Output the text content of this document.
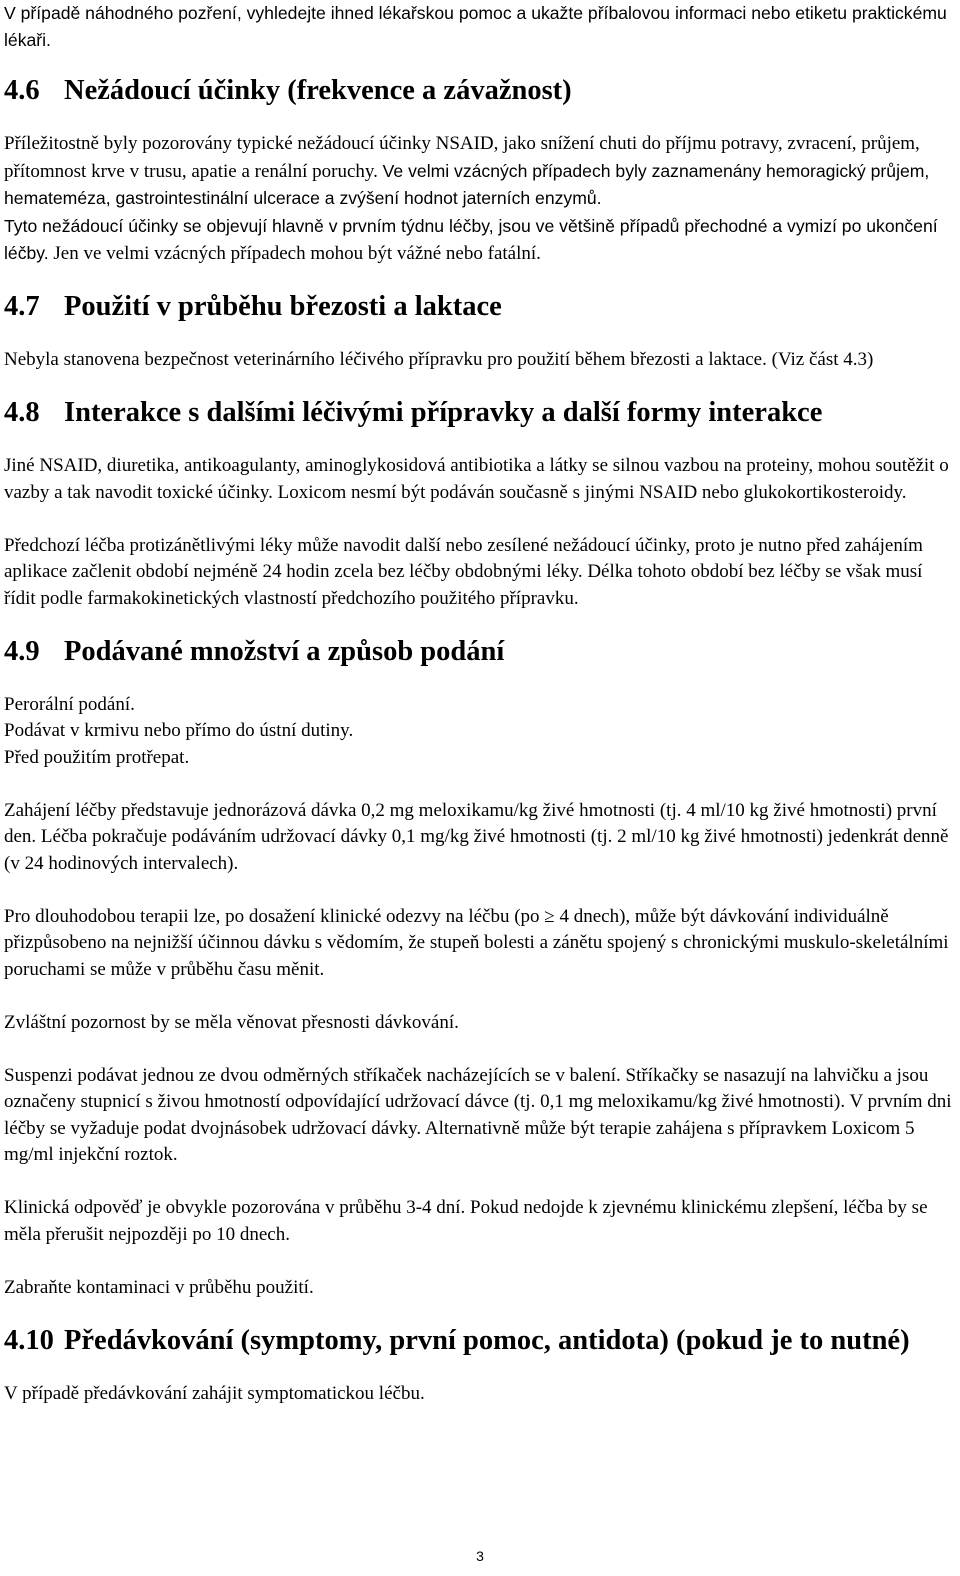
V případě náhodného pozření, vyhledejte ihned lékařskou pomoc a ukažte příbalovou informaci nebo etiketu praktickému lékaři.

4.6 Nežádoucí účinky (frekvence a závažnost)

Příležitostně byly pozorovány typické nežádoucí účinky NSAID, jako snížení chuti do příjmu potravy, zvracení, průjem, přítomnost krve v trusu, apatie a renální poruchy. Ve velmi vzácných případech byly zaznamenány hemoragický průjem, hemateméza, gastrointestinální ulcerace a zvýšení hodnot jaterních enzymů.

Tyto nežádoucí účinky se objevují hlavně v prvním týdnu léčby, jsou ve většině případů přechodné a vymizí po ukončení léčby. Jen ve velmi vzácných případech mohou být vážné nebo fatální.

4.7 Použití v průběhu březosti a laktace

Nebyla stanovena bezpečnost veterinárního léčivého přípravku pro použití během březosti a laktace. (Viz část 4.3)

4.8 Interakce s dalšími léčivými přípravky a další formy interakce

Jiné NSAID, diuretika, antikoagulanty, aminoglykosidová antibiotika a látky se silnou vazbou na proteiny, mohou soutěžit o vazby a tak navodit toxické účinky. Loxicom nesmí být podáván současně s jinými NSAID nebo glukokortikosteroidy.

Předchozí léčba protizánětlivými léky může navodit další nebo zesílené nežádoucí účinky, proto je nutno před zahájením aplikace začlenit období nejméně 24 hodin zcela bez léčby obdobnými léky. Délka tohoto období bez léčby se však musí řídit podle farmakokinetických vlastností předchozího použitého přípravku.

4.9 Podávané množství a způsob podání

Perorální podání.

Podávat v krmivu nebo přímo do ústní dutiny.

Před použitím protřepat.

Zahájení léčby představuje jednorázová dávka 0,2 mg meloxikamu/kg živé hmotnosti (tj. 4 ml/10 kg živé hmotnosti) první den. Léčba pokračuje podáváním udržovací dávky 0,1 mg/kg živé hmotnosti (tj. 2 ml/10 kg živé hmotnosti) jedenkrát denně (v 24 hodinových intervalech).

Pro dlouhodobou terapii lze, po dosažení klinické odezvy na léčbu (po ≥ 4 dnech), může být dávkování individuálně přizpůsobeno na nejnižší účinnou dávku s vědomím, že stupeň bolesti a zánětu spojený s chronickými muskulo-skeletálními poruchami se může v průběhu času měnit.

Zvláštní pozornost by se měla věnovat přesnosti dávkování.

Suspenzi podávat jednou ze dvou odměrných stříkaček nacházejících se v balení. Stříkačky se nasazují na lahvičku a jsou označeny stupnicí s živou hmotností odpovídající udržovací dávce (tj. 0,1 mg meloxikamu/kg živé hmotnosti). V prvním dni léčby se vyžaduje podat dvojnásobek udržovací dávky. Alternativně může být terapie zahájena s přípravkem Loxicom 5 mg/ml injekční roztok.

Klinická odpověď je obvykle pozorována v průběhu 3-4 dní. Pokud nedojde k zjevnému klinickému zlepšení, léčba by se měla přerušit nejpozději po 10 dnech.

Zabraňte kontaminaci v průběhu použití.

4.10 Předávkování (symptomy, první pomoc, antidota) (pokud je to nutné)

V případě předávkování zahájit symptomatickou léčbu.

3
